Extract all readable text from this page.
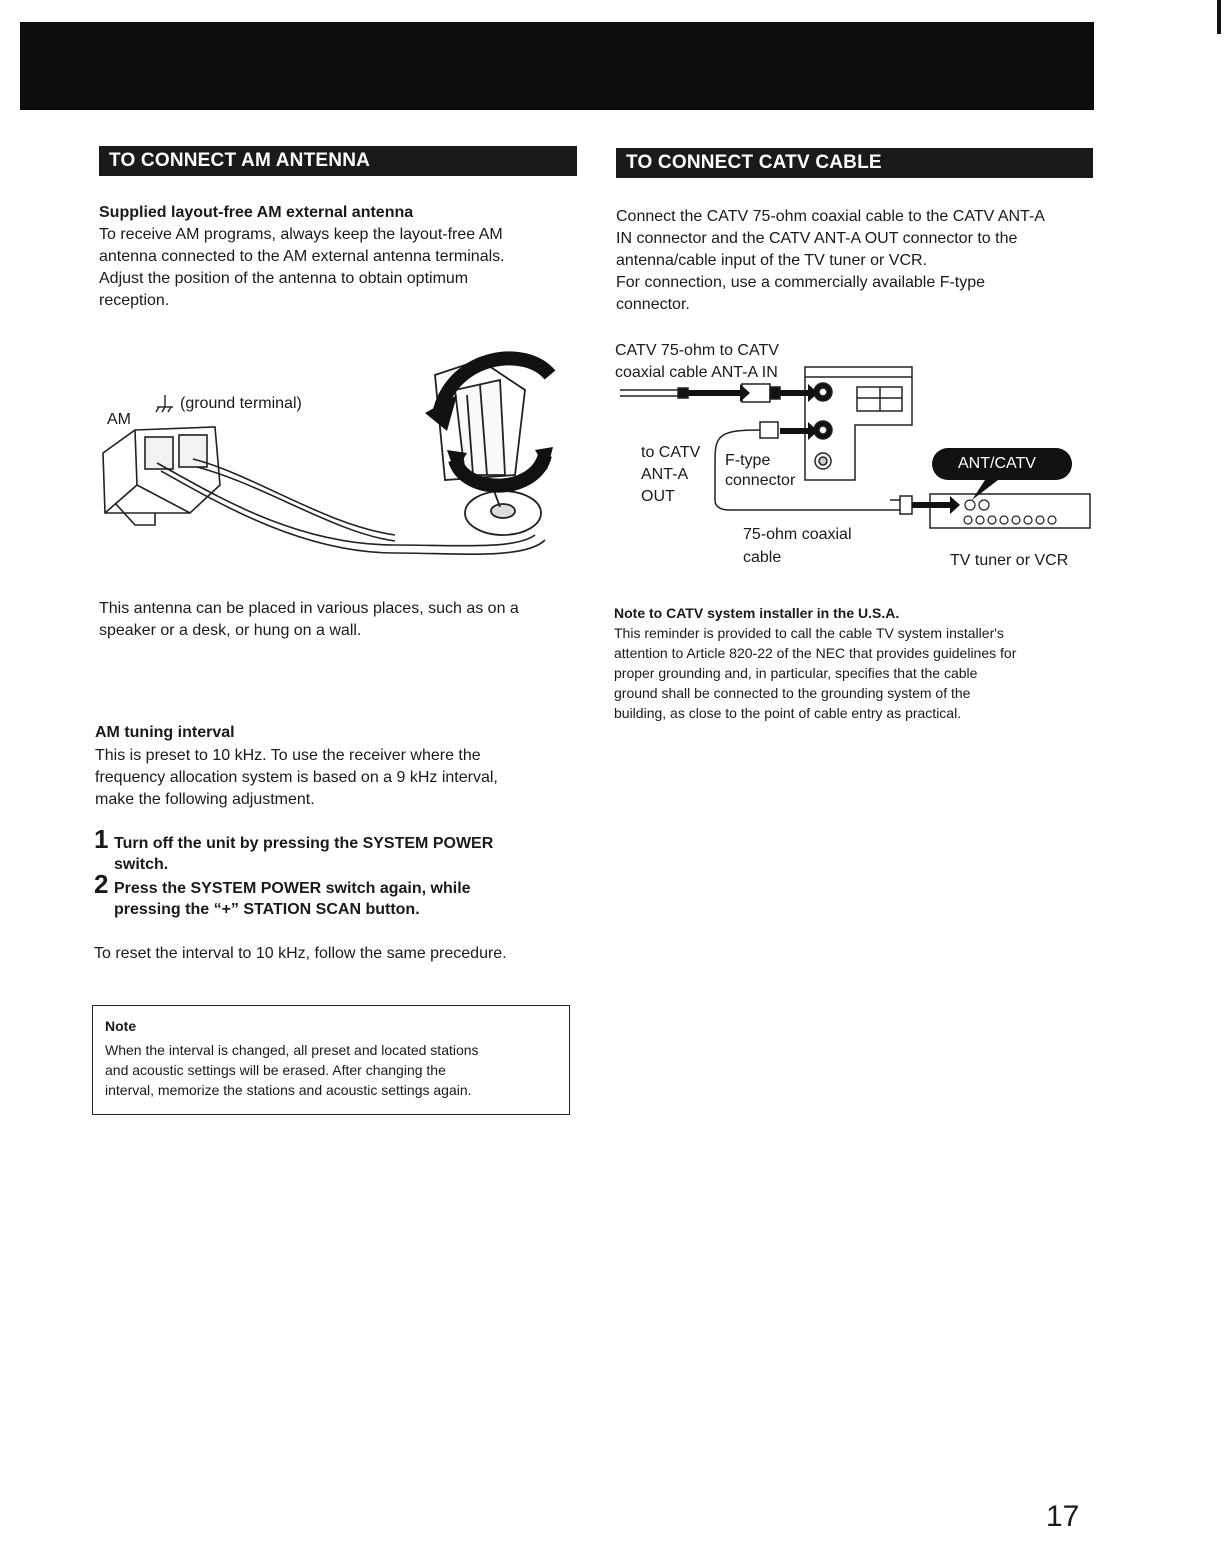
TO CONNECT AM ANTENNA
Supplied layout-free AM external antenna
To receive AM programs, always keep the layout-free AM
antenna connected to the AM external antenna terminals.
Adjust the position of the antenna to obtain optimum
reception.
(ground terminal)
AM
This antenna can be placed in various places, such as on a
speaker or a desk, or hung on a wall.
AM tuning interval
This is preset to 10 kHz. To use the receiver where the
frequency allocation system is based on a 9 kHz interval,
make the following adjustment.
1 Turn off the unit by pressing the SYSTEM POWER
switch.
2 Press the SYSTEM POWER switch again, while
pressing the “+” STATION SCAN button.
To reset the interval to 10 kHz, follow the same precedure.
Note
When the interval is changed, all preset and located stations
and acoustic settings will be erased. After changing the
interval, memorize the stations and acoustic settings again.
TO CONNECT CATV CABLE
Connect the CATV 75-ohm coaxial cable to the CATV ANT-A
IN connector and the CATV ANT-A OUT connector to the
antenna/cable input of the TV tuner or VCR.
For connection, use a commercially available F-type
connector.
CATV 75-ohm to CATV
coaxial cable ANT-A IN
to CATV
ANT-A
OUT
F-type
connector
ANT/CATV
75-ohm coaxial
cable	TV tuner or VCR
Note to CATV system installer in the U.S.A.
This reminder is provided to call the cable TV system installer's
attention to Article 820-22 of the NEC that provides guidelines for
proper grounding and, in particular, specifies that the cable
ground shall be connected to the grounding system of the
building, as close to the point of cable entry as practical.
17
